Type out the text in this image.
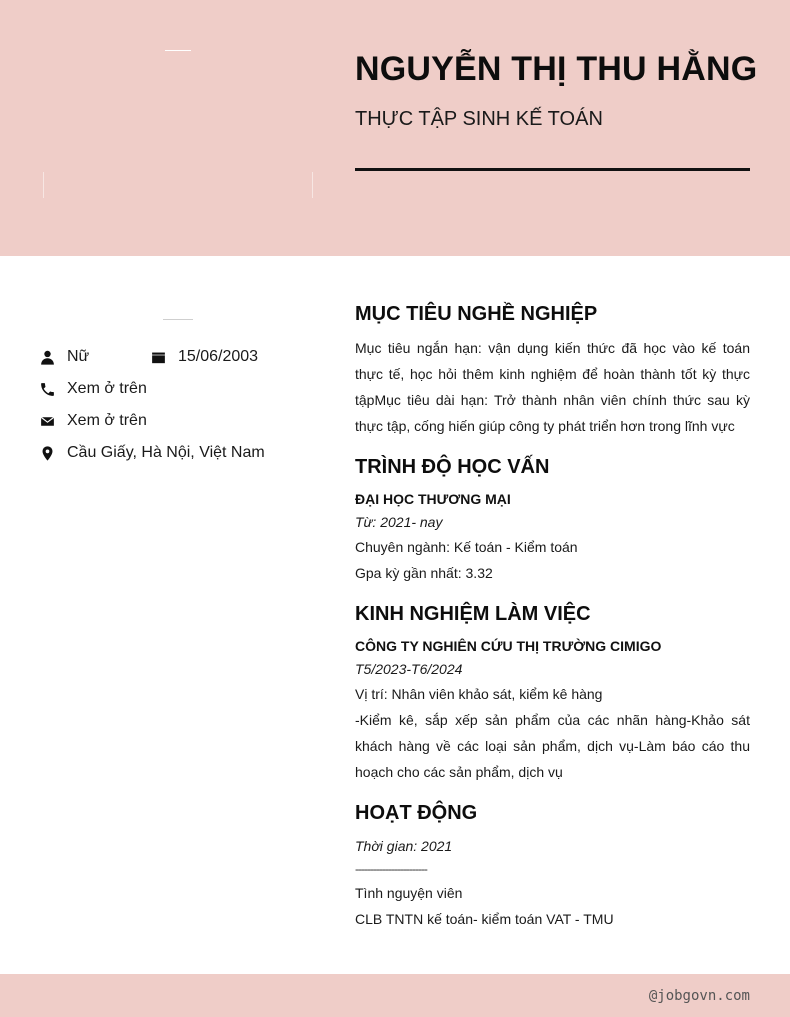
NGUYỄN THỊ THU HẰNG
THỰC TẬP SINH KẾ TOÁN
Nữ	15/06/2003
Xem ở trên
Xem ở trên
Cầu Giấy, Hà Nội, Việt Nam
MỤC TIÊU NGHỀ NGHIỆP
Mục tiêu ngắn hạn: vận dụng kiến thức đã học vào kế toán thực tế, học hỏi thêm kinh nghiệm để hoàn thành tốt kỳ thực tậpMục tiêu dài hạn: Trở thành nhân viên chính thức sau kỳ thực tập, cống hiến giúp công ty phát triển hơn trong lĩnh vực
TRÌNH ĐỘ HỌC VẤN
ĐẠI HỌC THƯƠNG MẠI
Từ: 2021- nay
Chuyên ngành: Kế toán - Kiểm toán
Gpa kỳ gần nhất: 3.32
KINH NGHIỆM LÀM VIỆC
CÔNG TY NGHIÊN CỨU THỊ TRƯỜNG CIMIGO
T5/2023-T6/2024
Vị trí: Nhân viên khảo sát, kiểm kê hàng
-Kiểm kê, sắp xếp sản phẩm của các nhãn hàng-Khảo sát khách hàng về các loại sản phẩm, dịch vụ-Làm báo cáo thu hoạch cho các sản phẩm, dịch vụ
HOẠT ĐỘNG
Thời gian: 2021
------------------------
Tình nguyện viên
CLB TNTN kế toán- kiểm toán VAT - TMU
@jobgovn.com
